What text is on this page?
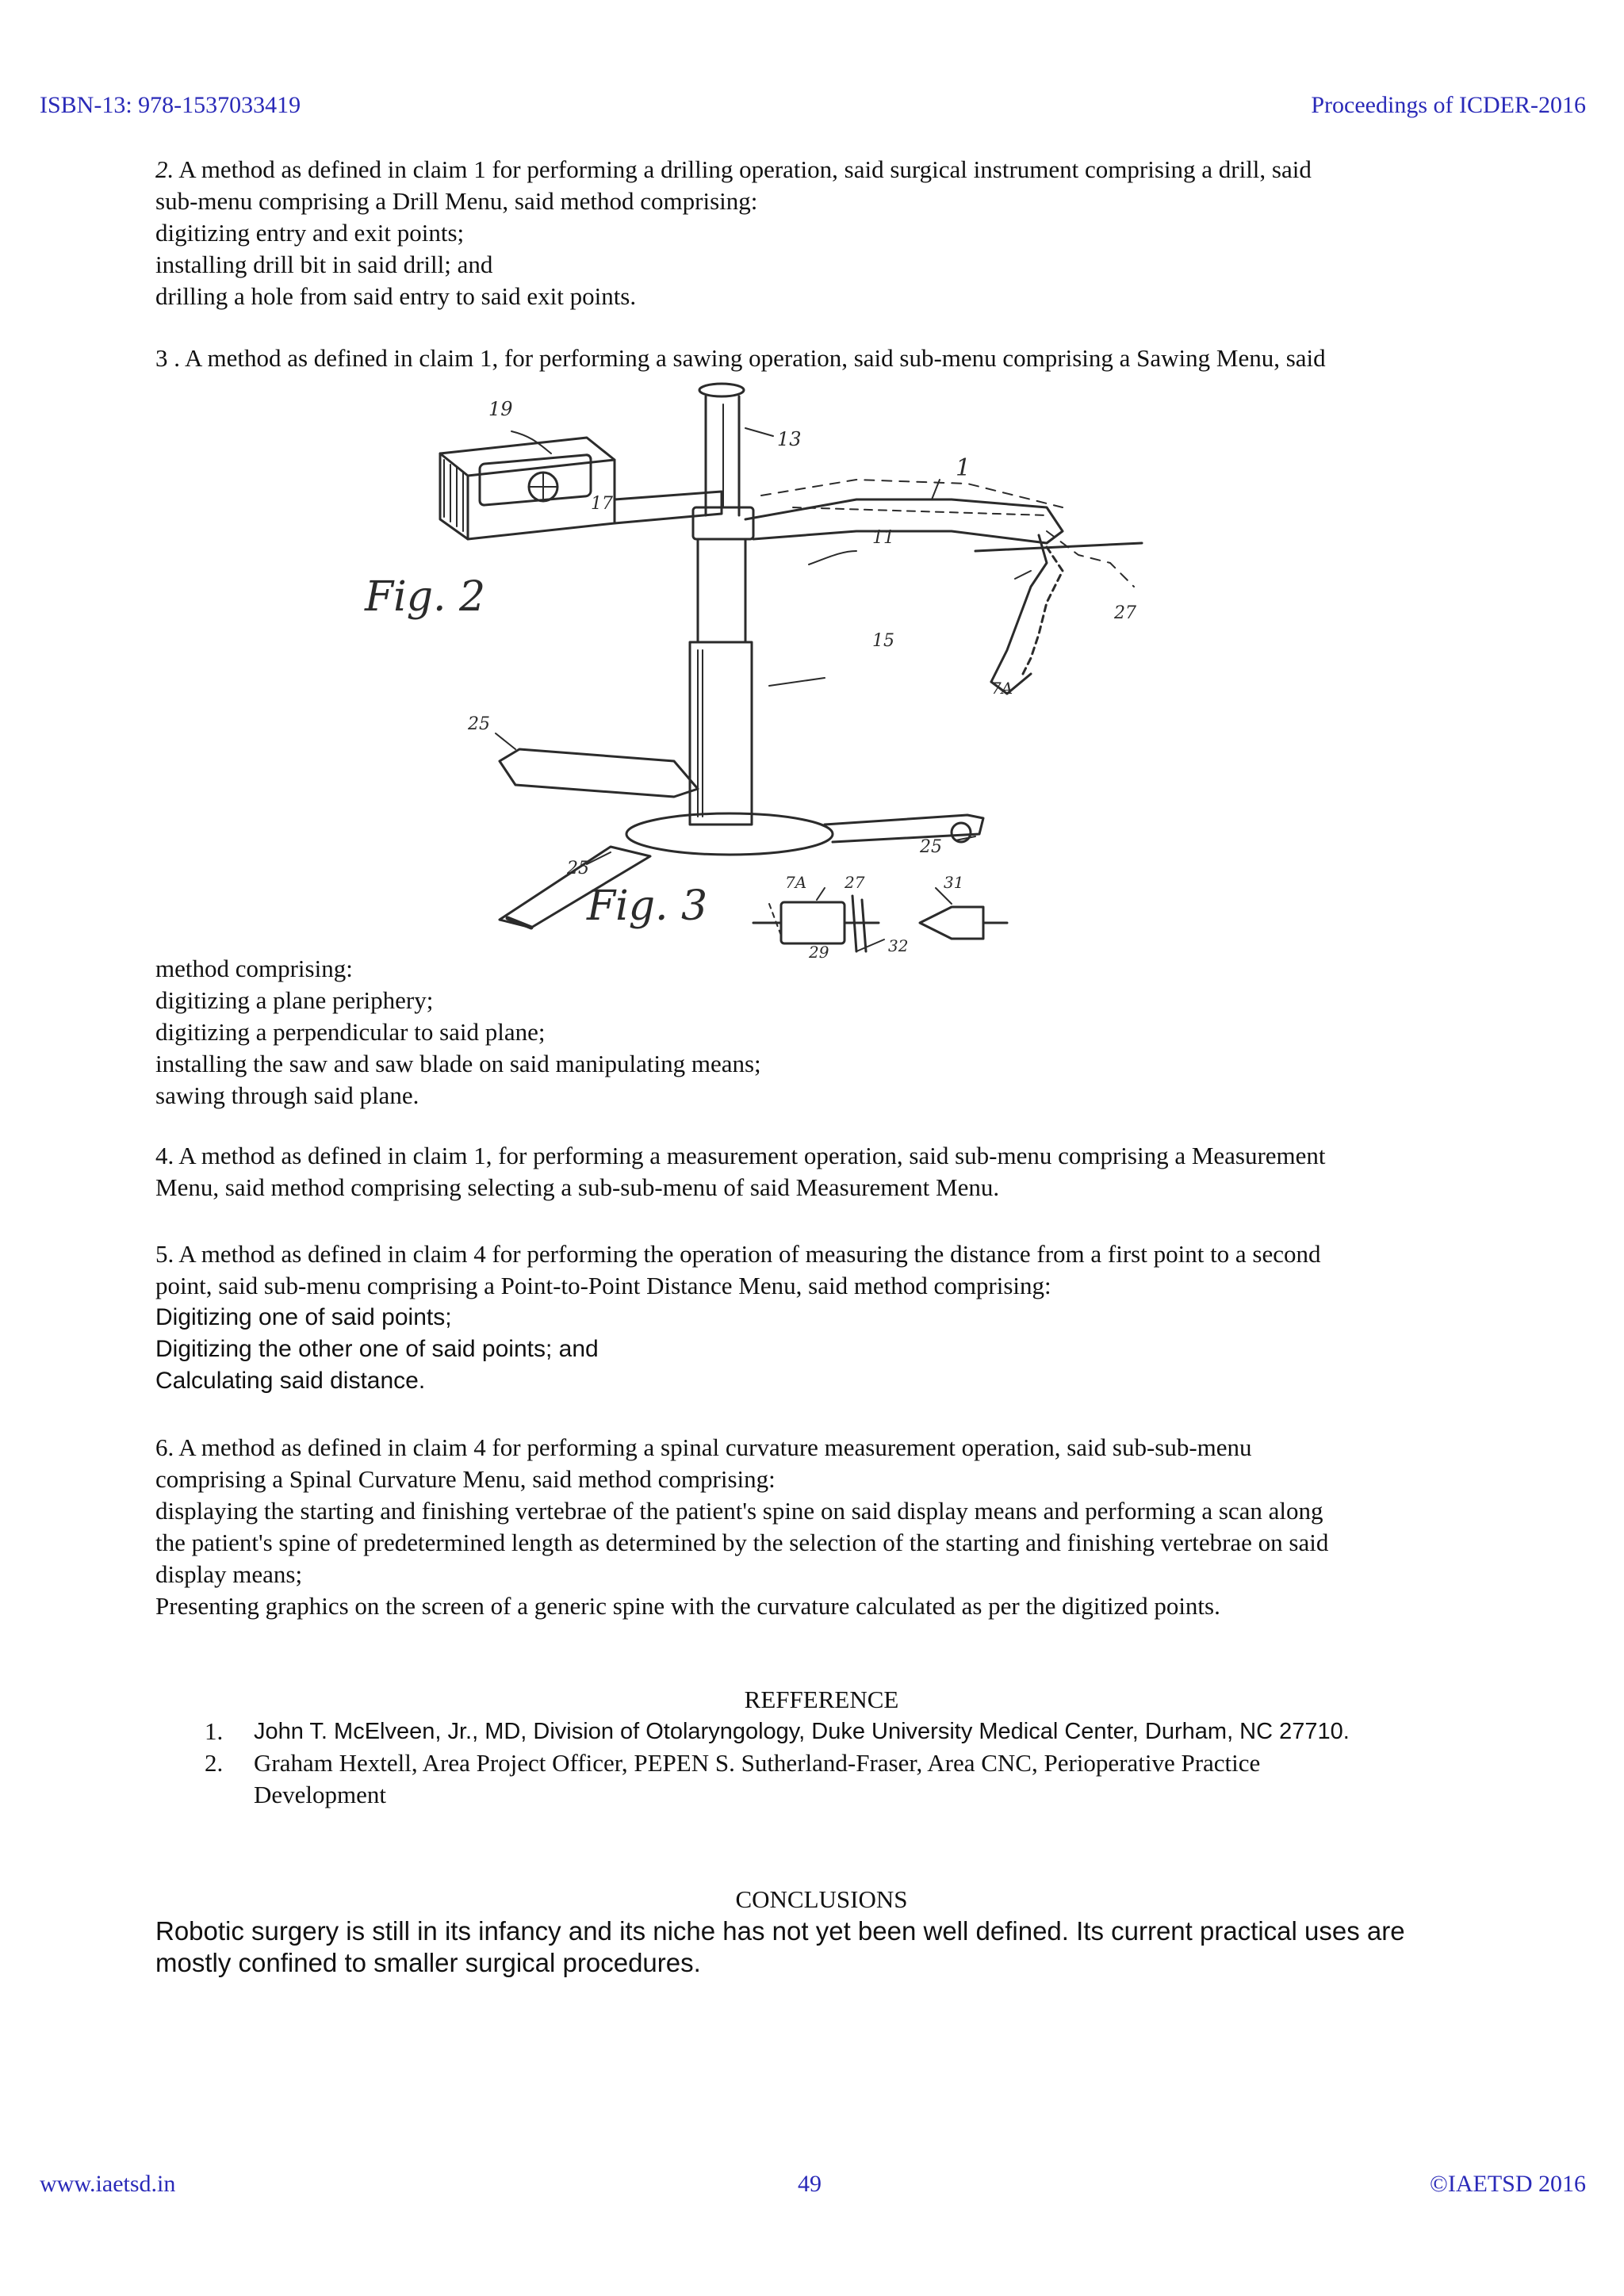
ISBN-13: 978-1537033419	Proceedings of ICDER-2016
2. A method as defined in claim 1 for performing a drilling operation, said surgical instrument comprising a drill, said
sub-menu comprising a Drill Menu, said method comprising:
digitizing entry and exit points;
installing drill bit in said drill; and
drilling a hole from said entry to said exit points.
3 . A method as defined in claim 1, for performing a sawing operation, said sub-menu comprising a Sawing Menu, said
19
13
1
17
11
27
15
7A
25
25
25
7A 27	31
29	32
Fig. 2
Fig. 3
method comprising:
digitizing a plane periphery;
digitizing a perpendicular to said plane;
installing the saw and saw blade on said manipulating means;
sawing through said plane.
4. A method as defined in claim 1, for performing a measurement operation, said sub-menu comprising a Measurement
Menu, said method comprising selecting a sub-sub-menu of said Measurement Menu.
5. A method as defined in claim 4 for performing the operation of measuring the distance from a first point to a second
point, said sub-menu comprising a Point-to-Point Distance Menu, said method comprising:
Digitizing one of said points;
Digitizing the other one of said points; and
Calculating said distance.
6. A method as defined in claim 4 for performing a spinal curvature measurement operation, said sub-sub-menu
comprising a Spinal Curvature Menu, said method comprising:
displaying the starting and finishing vertebrae of the patient's spine on said display means and performing a scan along
the patient's spine of predetermined length as determined by the selection of the starting and finishing vertebrae on said
display means;
Presenting graphics on the screen of a generic spine with the curvature calculated as per the digitized points.
REFFERENCE
1. John T. McElveen, Jr., MD, Division of Otolaryngology, Duke University Medical Center, Durham, NC 27710.
2. Graham Hextell, Area Project Officer, PEPEN S. Sutherland-Fraser, Area CNC, Perioperative Practice
Development
CONCLUSIONS
Robotic surgery is still in its infancy and its niche has not yet been well defined. Its current practical uses are
mostly confined to smaller surgical procedures.
www.iaetsd.in	49	©IAETSD 2016
